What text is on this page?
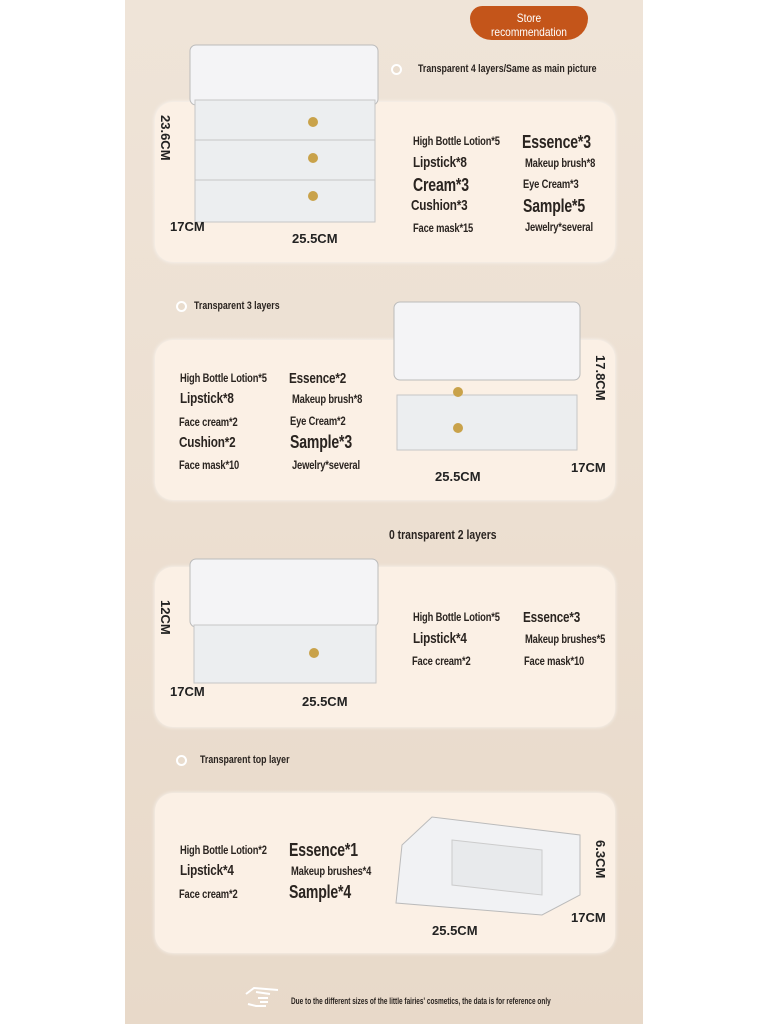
Store
recommendation
Transparent 4 layers/Same as main picture
23.6CM
17CM
25.5CM
High Bottle Lotion*5 Essence*3
Lipstick*8	Makeup brush*8
Cream*3	Eye Cream*3
Cushion*3	Sample*5
Face mask*15	Jewelry*several
Transparent 3 layers
17.8CM
17CM
25.5CM
High Bottle Lotion*5 Essence*2
Lipstick*8	Makeup brush*8
Face cream*2	Eye Cream*2
Cushion*2	Sample*3
Face mask*10	Jewelry*several
0 transparent 2 layers
12CM
17CM
25.5CM
High Bottle Lotion*5 Essence*3
Lipstick*4	Makeup brushes*5
Face cream*2	Face mask*10
Transparent top layer
6.3CM
17CM
25.5CM
High Bottle Lotion*2 Essence*1
Lipstick*4	Makeup brushes*4
Face cream*2	Sample*4
Due to the different sizes of the little fairies' cosmetics, the data is for reference only
